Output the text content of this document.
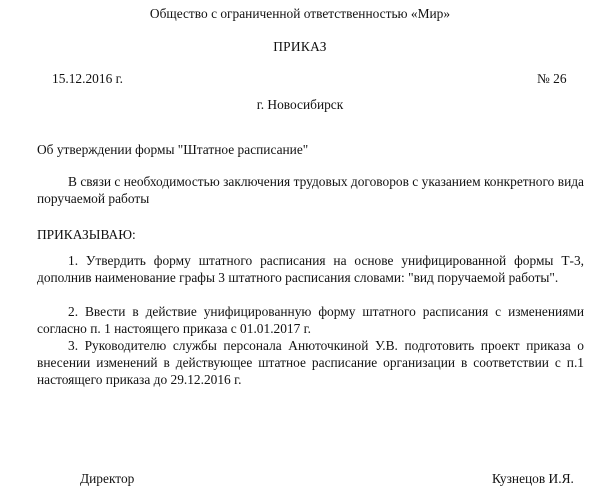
Общество с ограниченной ответственностью «Мир»
ПРИКАЗ
15.12.2016 г.	№ 26
г. Новосибирск
Об утверждении формы "Штатное расписание"
В связи с необходимостью заключения трудовых договоров с указанием конкретного вида поручаемой работы
ПРИКАЗЫВАЮ:
1. Утвердить форму штатного расписания на основе унифицированной формы Т-3, дополнив наименование графы 3 штатного расписания словами: "вид поручаемой работы".
2. Ввести в действие унифицированную форму штатного расписания с изменениями согласно п. 1 настоящего приказа с 01.01.2017 г.
3. Руководителю службы персонала Анюточкиной У.В. подготовить проект приказа о внесении изменений в действующее штатное расписание организации в соответствии с п.1 настоящего приказа до 29.12.2016 г.
Директор	Кузнецов И.Я.
